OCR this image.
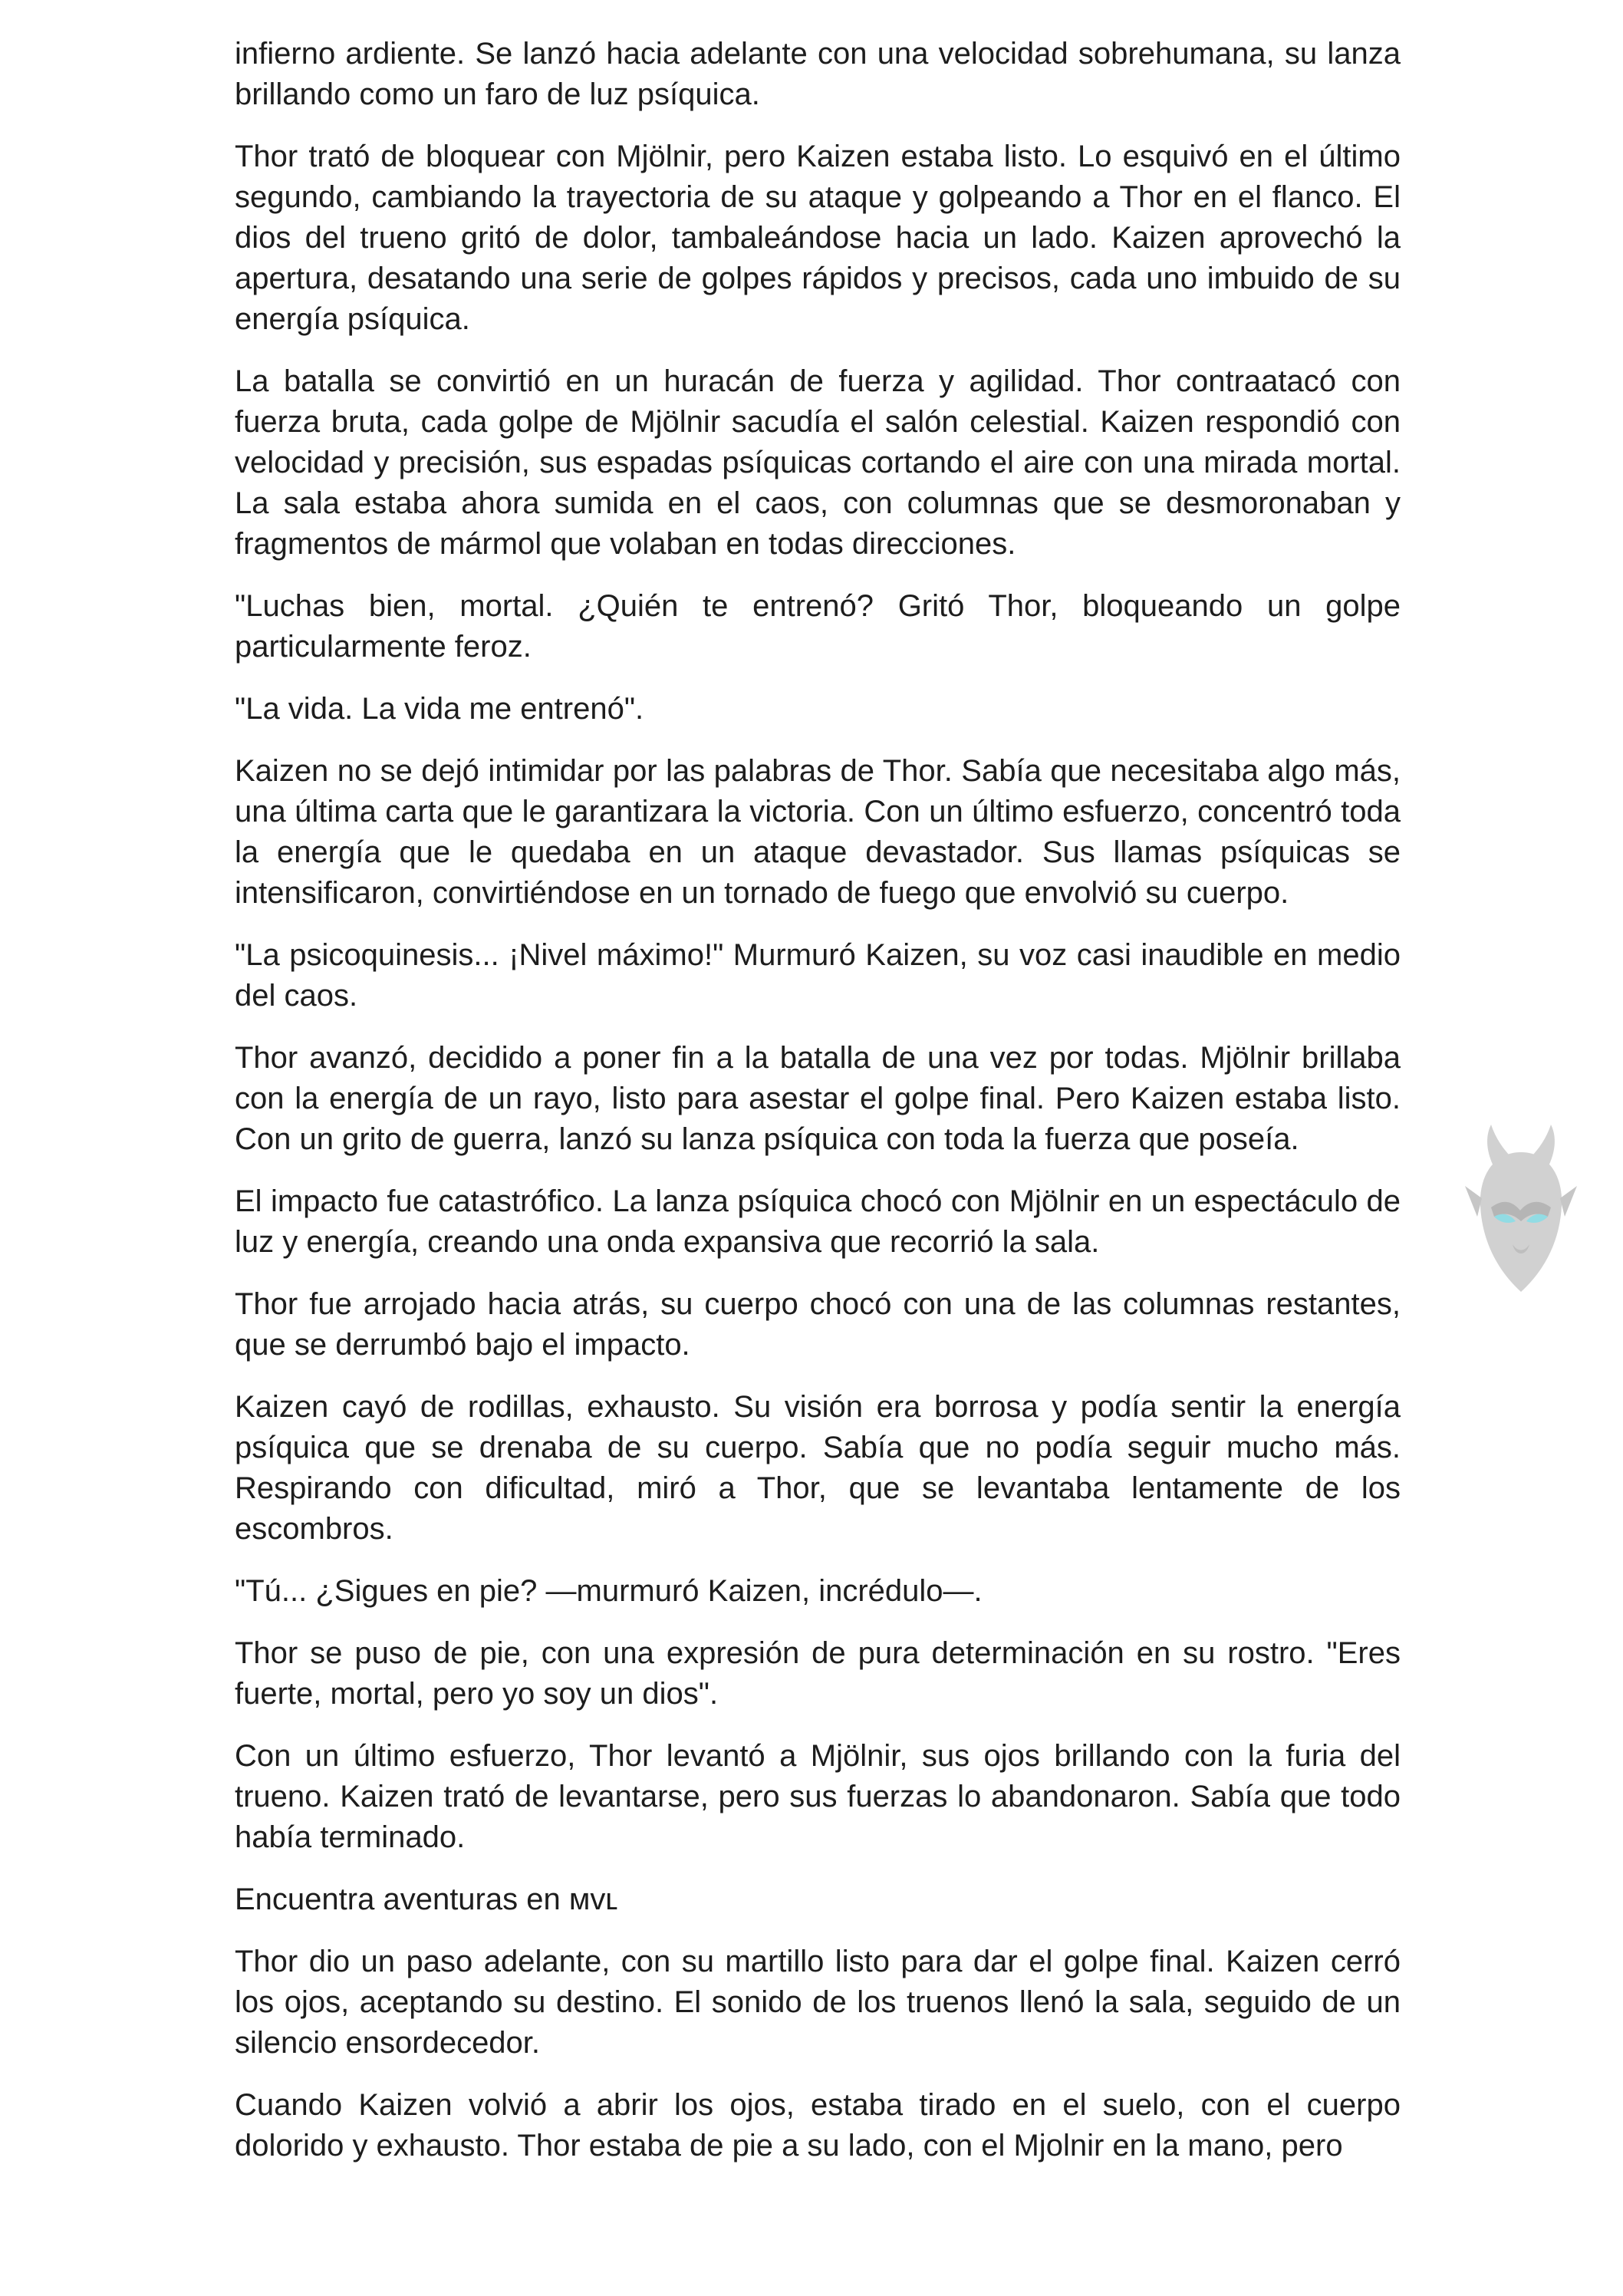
infierno ardiente. Se lanzó hacia adelante con una velocidad sobrehumana, su lanza brillando como un faro de luz psíquica.

Thor trató de bloquear con Mjölnir, pero Kaizen estaba listo. Lo esquivó en el último segundo, cambiando la trayectoria de su ataque y golpeando a Thor en el flanco. El dios del trueno gritó de dolor, tambaleándose hacia un lado. Kaizen aprovechó la apertura, desatando una serie de golpes rápidos y precisos, cada uno imbuido de su energía psíquica.

La batalla se convirtió en un huracán de fuerza y agilidad. Thor contraatacó con fuerza bruta, cada golpe de Mjölnir sacudía el salón celestial. Kaizen respondió con velocidad y precisión, sus espadas psíquicas cortando el aire con una mirada mortal. La sala estaba ahora sumida en el caos, con columnas que se desmoronaban y fragmentos de mármol que volaban en todas direcciones.

"Luchas bien, mortal. ¿Quién te entrenó? Gritó Thor, bloqueando un golpe particularmente feroz.

"La vida. La vida me entrenó".

Kaizen no se dejó intimidar por las palabras de Thor. Sabía que necesitaba algo más, una última carta que le garantizara la victoria. Con un último esfuerzo, concentró toda la energía que le quedaba en un ataque devastador. Sus llamas psíquicas se intensificaron, convirtiéndose en un tornado de fuego que envolvió su cuerpo.

"La psicoquinesis... ¡Nivel máximo!" Murmuró Kaizen, su voz casi inaudible en medio del caos.

Thor avanzó, decidido a poner fin a la batalla de una vez por todas. Mjölnir brillaba con la energía de un rayo, listo para asestar el golpe final. Pero Kaizen estaba listo. Con un grito de guerra, lanzó su lanza psíquica con toda la fuerza que poseía.

El impacto fue catastrófico. La lanza psíquica chocó con Mjölnir en un espectáculo de luz y energía, creando una onda expansiva que recorrió la sala.

Thor fue arrojado hacia atrás, su cuerpo chocó con una de las columnas restantes, que se derrumbó bajo el impacto.

Kaizen cayó de rodillas, exhausto. Su visión era borrosa y podía sentir la energía psíquica que se drenaba de su cuerpo. Sabía que no podía seguir mucho más. Respirando con dificultad, miró a Thor, que se levantaba lentamente de los escombros.

"Tú... ¿Sigues en pie? —murmuró Kaizen, incrédulo—.

Thor se puso de pie, con una expresión de pura determinación en su rostro. "Eres fuerte, mortal, pero yo soy un dios".

Con un último esfuerzo, Thor levantó a Mjölnir, sus ojos brillando con la furia del trueno. Kaizen trató de levantarse, pero sus fuerzas lo abandonaron. Sabía que todo había terminado.

Encuentra aventuras en ᴍᴠʟ

Thor dio un paso adelante, con su martillo listo para dar el golpe final. Kaizen cerró los ojos, aceptando su destino. El sonido de los truenos llenó la sala, seguido de un silencio ensordecedor.

Cuando Kaizen volvió a abrir los ojos, estaba tirado en el suelo, con el cuerpo dolorido y exhausto. Thor estaba de pie a su lado, con el Mjolnir en la mano, pero
